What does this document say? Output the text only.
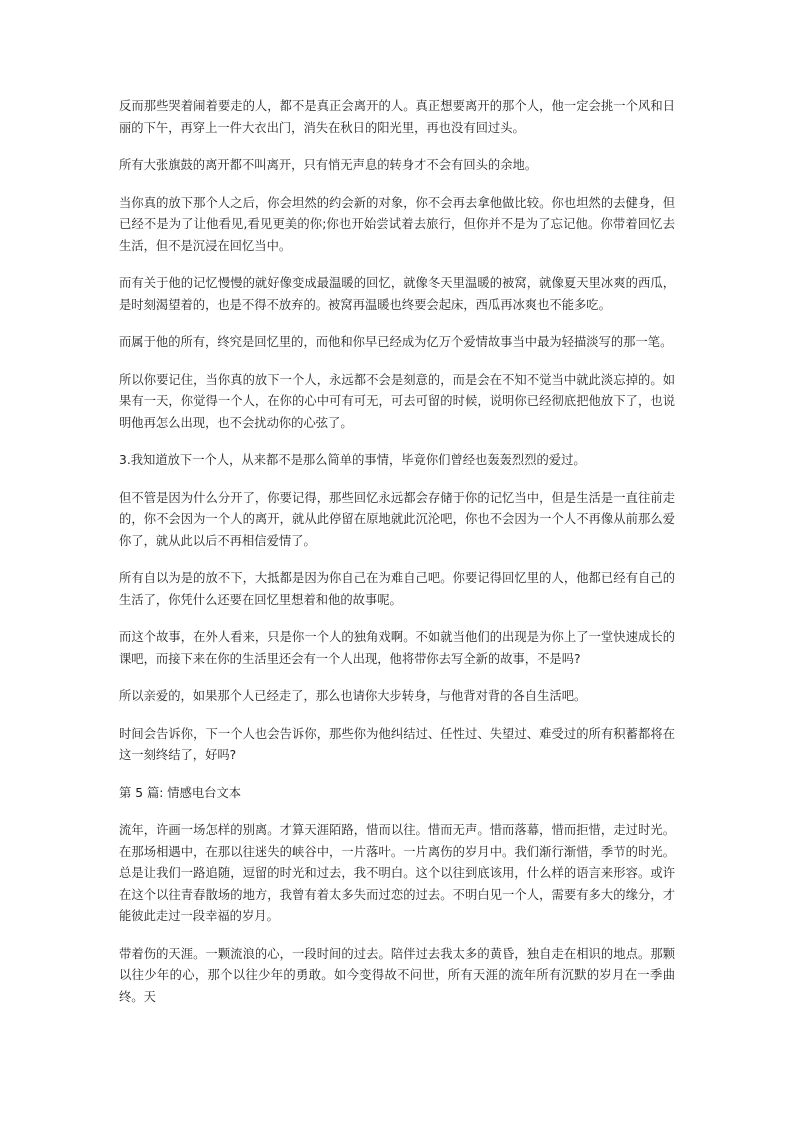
反而那些哭着闹着要走的人，都不是真正会离开的人。真正想要离开的那个人，他一定会挑一个风和日丽的下午，再穿上一件大衣出门，消失在秋日的阳光里，再也没有回过头。

所有大张旗鼓的离开都不叫离开，只有悄无声息的转身才不会有回头的余地。

当你真的放下那个人之后，你会坦然的约会新的对象，你不会再去拿他做比较。你也坦然的去健身，但已经不是为了让他看见,看见更美的你;你也开始尝试着去旅行，但你并不是为了忘记他。你带着回忆去生活，但不是沉浸在回忆当中。

而有关于他的记忆慢慢的就好像变成最温暖的回忆，就像冬天里温暖的被窝，就像夏天里冰爽的西瓜，是时刻渴望着的，也是不得不放弃的。被窝再温暖也终要会起床，西瓜再冰爽也不能多吃。

而属于他的所有，终究是回忆里的，而他和你早已经成为亿万个爱情故事当中最为轻描淡写的那一笔。

所以你要记住，当你真的放下一个人，永远都不会是刻意的，而是会在不知不觉当中就此淡忘掉的。如果有一天，你觉得一个人，在你的心中可有可无，可去可留的时候，说明你已经彻底把他放下了，也说明他再怎么出现，也不会扰动你的心弦了。

3.我知道放下一个人，从来都不是那么简单的事情，毕竟你们曾经也轰轰烈烈的爱过。

但不管是因为什么分开了，你要记得，那些回忆永远都会存储于你的记忆当中，但是生活是一直往前走的，你不会因为一个人的离开，就从此停留在原地就此沉沦吧，你也不会因为一个人不再像从前那么爱你了，就从此以后不再相信爱情了。

所有自以为是的放不下，大抵都是因为你自己在为难自己吧。你要记得回忆里的人，他都已经有自己的生活了，你凭什么还要在回忆里想着和他的故事呢。

而这个故事，在外人看来，只是你一个人的独角戏啊。不如就当他们的出现是为你上了一堂快速成长的课吧，而接下来在你的生活里还会有一个人出现，他将带你去写全新的故事，不是吗?

所以亲爱的，如果那个人已经走了，那么也请你大步转身，与他背对背的各自生活吧。

时间会告诉你，下一个人也会告诉你，那些你为他纠结过、任性过、失望过、难受过的所有积蓄都将在这一刻终结了，好吗?

第 5 篇: 情感电台文本

流年，许画一场怎样的别离。才算天涯陌路，惜而以往。惜而无声。惜而落幕，惜而拒惜，走过时光。在那场相遇中，在那以往迷失的峡谷中，一片落叶。一片离伤的岁月中。我们渐行渐惜，季节的时光。总是让我们一路追随，逗留的时光和过去，我不明白。这个以往到底该用，什么样的语言来形容。或许在这个以往青春散场的地方，我曾有着太多失而过恋的过去。不明白见一个人，需要有多大的缘分，才能彼此走过一段幸福的岁月。

带着伤的天涯。一颗流浪的心，一段时间的过去。陪伴过去我太多的黄昏，独自走在相识的地点。那颗以往少年的心，那个以往少年的勇敢。如今变得故不问世，所有天涯的流年所有沉默的岁月在一季曲终。天
